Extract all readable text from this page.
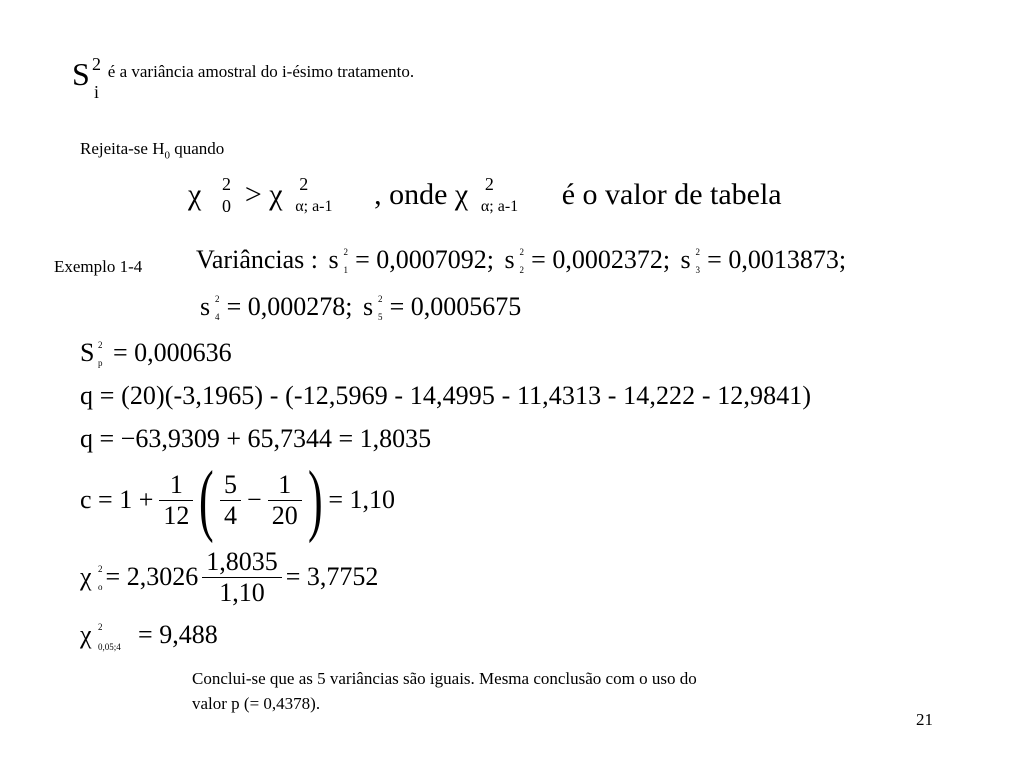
S 2
i
é a variância amostral do i-ésimo tratamento.
Rejeita-se $H_0$ quando
χ 2
0 > χ 2
α; a-1 , onde χ 2
α; a-1 é o valor de tabela
Exemplo 1-4 Variâncias : s 2
1 = 0,0007092; s 2
2 = 0,0002372; s 2
3 = 0,0013873;
s 2
4 = 0,000278; s 2
5 = 0,0005675
S 2
p = 0,000636
q = (20)(-3,1965) - (-12,5969 - 14,4995 - 11,4313 - 14,222 - 12,9841)
q = −63,9309 + 65,7344 = 1,8035
$c = 1 + \frac{1}{12}$ ( $\frac{5}{4} - \frac{1}{20}$ ) = 1,10
χ 2
$o = 2,3026 \frac{1,8035}{1,10} = 3,7752$
χ 2
0,05;4 = 9,488
Conclui-se que as 5 variâncias são iguais. Mesma conclusão com o uso do
valor p (= 0,4378).
21
